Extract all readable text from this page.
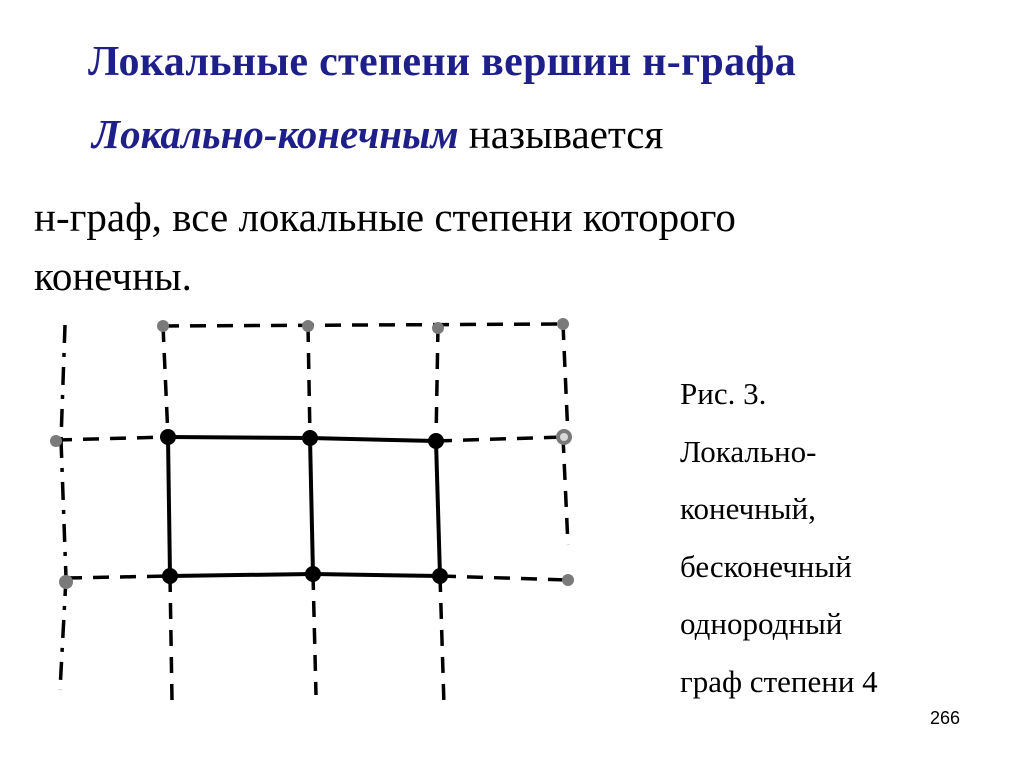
Локальные степени вершин н-графа
Локально-конечным называется
н-граф, все локальные степени которого
конечны.
Рис. 3.
Локально-
конечный,
бесконечный
однородный
граф степени 4
266
